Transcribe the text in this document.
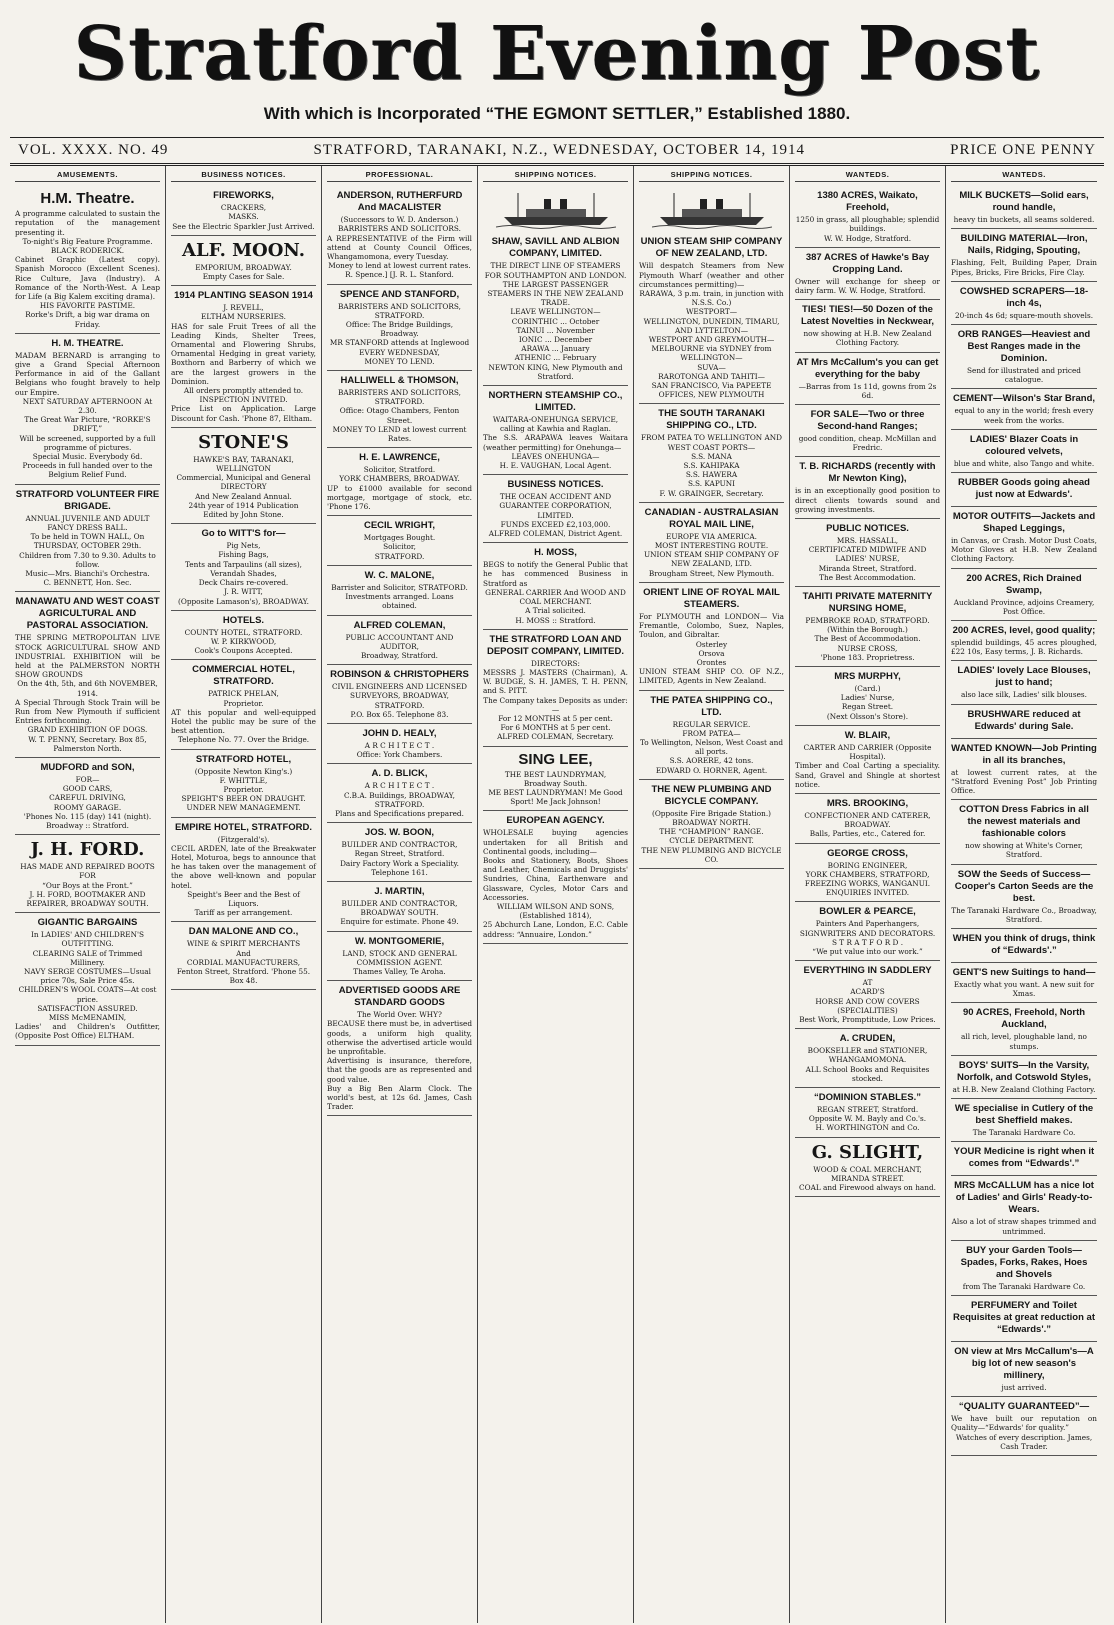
Stratford Evening Post
With which is Incorporated “THE EGMONT SETTLER,” Established 1880.
VOL. XXXX. NO. 49	STRATFORD, TARANAKI, N.Z., WEDNESDAY, OCTOBER 14, 1914	PRICE ONE PENNY
AMUSEMENTS.
H.M. Theatre.
A programme calculated to sustain the reputation of the management presenting it.
To-night's Big Feature Programme.
BLACK RODERICK.
Cabinet Graphic (Latest copy). Spanish Morocco (Excellent Scenes). Rice Culture, Java (Industry). A Romance of the North-West. A Leap for Life (a Big Kalem exciting drama).
HIS FAVORITE PASTIME.
Rorke's Drift, a big war drama on Friday.
H. M. THEATRE.
MADAM BERNARD is arranging to give a Grand Special Afternoon Performance in aid of the Gallant Belgians who fought bravely to help our Empire.
NEXT SATURDAY AFTERNOON At 2.30.
The Great War Picture, “RORKE'S DRIFT,”
Will be screened, supported by a full programme of pictures.
Special Music. Everybody 6d.
Proceeds in full handed over to the Belgium Relief Fund.
STRATFORD VOLUNTEER FIRE BRIGADE.
ANNUAL JUVENILE AND ADULT FANCY DRESS BALL.
To be held in TOWN HALL, On
THURSDAY, OCTOBER 29th.
Children from 7.30 to 9.30. Adults to follow.
Music—Mrs. Bianchi's Orchestra.
C. BENNETT, Hon. Sec.
MANAWATU AND WEST COAST AGRICULTURAL AND PASTORAL ASSOCIATION.
THE SPRING METROPOLITAN LIVE STOCK AGRICULTURAL SHOW AND INDUSTRIAL EXHIBITION will be held at the PALMERSTON NORTH SHOW GROUNDS
On the 4th, 5th, and 6th NOVEMBER, 1914.
A Special Through Stock Train will be Run from New Plymouth if sufficient Entries forthcoming.
GRAND EXHIBITION OF DOGS.
W. T. PENNY, Secretary. Box 85, Palmerston North.
MUDFORD and SON,
FOR—
GOOD CARS,
CAREFUL DRIVING,
ROOMY GARAGE.
'Phones No. 115 (day) 141 (night).
Broadway :: Stratford.
J. H. FORD.
HAS MADE AND REPAIRED BOOTS FOR
“Our Boys at the Front.”
J. H. FORD, BOOTMAKER AND REPAIRER, BROADWAY SOUTH.
GIGANTIC BARGAINS
In LADIES' AND CHILDREN'S OUTFITTING.
CLEARING SALE of Trimmed Millinery.
NAVY SERGE COSTUMES—Usual price 70s, Sale Price 45s.
CHILDREN'S WOOL COATS—At cost price.
SATISFACTION ASSURED.
MISS McMENAMIN,
Ladies' and Children's Outfitter, (Opposite Post Office) ELTHAM.
BUSINESS NOTICES.
FIREWORKS,
CRACKERS,
MASKS.
See the Electric Sparkler Just Arrived.
ALF. MOON.
EMPORIUM, BROADWAY.
Empty Cases for Sale.
1914 PLANTING SEASON 1914
J. REVELL,
ELTHAM NURSERIES.
HAS for sale Fruit Trees of all the Leading Kinds, Shelter Trees, Ornamental and Flowering Shrubs, Ornamental Hedging in great variety, Boxthorn and Barberry of which we are the largest growers in the Dominion.
All orders promptly attended to.
INSPECTION INVITED.
Price List on Application. Large Discount for Cash. 'Phone 87, Eltham.
STONE'S
HAWKE'S BAY, TARANAKI, WELLINGTON
Commercial, Municipal and General
DIRECTORY
And New Zealand Annual.
24th year of 1914 Publication
Edited by John Stone.
Go to WITT'S for—
Pig Nets,
Fishing Bags,
Tents and Tarpaulins (all sizes),
Verandah Shades,
Deck Chairs re-covered.
J. R. WITT,
(Opposite Lamason's), BROADWAY.
HOTELS.
COUNTY HOTEL, STRATFORD.
W. P. KIRKWOOD,
Cook's Coupons Accepted.
COMMERCIAL HOTEL, STRATFORD.
PATRICK PHELAN,
Proprietor.
AT this popular and well-equipped Hotel the public may be sure of the best attention.
Telephone No. 77. Over the Bridge.
STRATFORD HOTEL,
(Opposite Newton King's.)
F. WHITTLE,
Proprietor.
SPEIGHT'S BEER ON DRAUGHT.
UNDER NEW MANAGEMENT.
EMPIRE HOTEL, STRATFORD.
(Fitzgerald's).
CECIL ARDEN, late of the Breakwater Hotel, Moturoa, begs to announce that he has taken over the management of the above well-known and popular hotel.
Speight's Beer and the Best of Liquors.
Tariff as per arrangement.
DAN MALONE AND CO.,
WINE & SPIRIT MERCHANTS
And
CORDIAL MANUFACTURERS,
Fenton Street, Stratford. 'Phone 55. Box 48.
PROFESSIONAL.
ANDERSON, RUTHERFURD And MACALISTER
(Successors to W. D. Anderson.)
BARRISTERS AND SOLICITORS.
A REPRESENTATIVE of the Firm will attend at County Council Offices, Whangamomona, every Tuesday.
Money to lend at lowest current rates.
R. Spence.] [J. R. L. Stanford.
SPENCE AND STANFORD,
BARRISTERS AND SOLICITORS, STRATFORD.
Office: The Bridge Buildings, Broadway.
MR STANFORD attends at Inglewood EVERY WEDNESDAY,
MONEY TO LEND.
HALLIWELL & THOMSON,
BARRISTERS AND SOLICITORS, STRATFORD.
Office: Otago Chambers, Fenton Street.
MONEY TO LEND at lowest current Rates.
H. E. LAWRENCE,
Solicitor, Stratford.
YORK CHAMBERS, BROADWAY.
UP to £1000 available for second mortgage, mortgage of stock, etc. 'Phone 176.
CECIL WRIGHT,
Mortgages Bought.
Solicitor,
STRATFORD.
W. C. MALONE,
Barrister and Solicitor, STRATFORD.
Investments arranged. Loans obtained.
ALFRED COLEMAN,
PUBLIC ACCOUNTANT AND AUDITOR,
Broadway, Stratford.
ROBINSON & CHRISTOPHERS
CIVIL ENGINEERS AND LICENSED SURVEYORS, BROADWAY, STRATFORD.
P.O. Box 65. Telephone 83.
JOHN D. HEALY,
A R C H I T E C T .
Office: York Chambers.
A. D. BLICK,
A R C H I T E C T .
C.B.A. Buildings, BROADWAY, STRATFORD.
Plans and Specifications prepared.
JOS. W. BOON,
BUILDER AND CONTRACTOR,
Regan Street, Stratford.
Dairy Factory Work a Speciality. Telephone 161.
J. MARTIN,
BUILDER AND CONTRACTOR, BROADWAY SOUTH.
Enquire for estimate. Phone 49.
W. MONTGOMERIE,
LAND, STOCK AND GENERAL COMMISSION AGENT.
Thames Valley, Te Aroha.
ADVERTISED GOODS ARE STANDARD GOODS
The World Over. WHY?
BECAUSE there must be, in advertised goods, a uniform high quality, otherwise the advertised article would be unprofitable.
Advertising is insurance, therefore, that the goods are as represented and good value.
Buy a Big Ben Alarm Clock. The world's best, at 12s 6d. James, Cash Trader.
SHIPPING NOTICES.
SHAW, SAVILL AND ALBION COMPANY, LIMITED.
THE DIRECT LINE OF STEAMERS FOR SOUTHAMPTON AND LONDON.
THE LARGEST PASSENGER STEAMERS IN THE NEW ZEALAND TRADE.
LEAVE WELLINGTON—
CORINTHIC ... October
TAINUI ... November
IONIC ... December
ARAWA ... January
ATHENIC ... February
NEWTON KING, New Plymouth and Stratford.
NORTHERN STEAMSHIP CO., LIMITED.
WAITARA-ONEHUNGA SERVICE, calling at Kawhia and Raglan.
The S.S. ARAPAWA leaves Waitara (weather permitting) for Onehunga—
LEAVES ONEHUNGA—
H. E. VAUGHAN, Local Agent.
BUSINESS NOTICES.
THE OCEAN ACCIDENT AND GUARANTEE CORPORATION, LIMITED.
FUNDS EXCEED £2,103,000.
ALFRED COLEMAN, District Agent.
H. MOSS,
BEGS to notify the General Public that he has commenced Business in Stratford as
GENERAL CARRIER And WOOD AND COAL MERCHANT.
A Trial solicited.
H. MOSS :: Stratford.
THE STRATFORD LOAN AND DEPOSIT COMPANY, LIMITED.
DIRECTORS:
MESSRS J. MASTERS (Chairman), A. W. BUDGE, S. H. JAMES, T. H. PENN, and S. PITT.
The Company takes Deposits as under:—
For 12 MONTHS at 5 per cent.
For 6 MONTHS at 5 per cent.
ALFRED COLEMAN, Secretary.
SING LEE,
THE BEST LAUNDRYMAN,
Broadway South.
ME BEST LAUNDRYMAN! Me Good Sport! Me Jack Johnson!
EUROPEAN AGENCY.
WHOLESALE buying agencies undertaken for all British and Continental goods, including—
Books and Stationery, Boots, Shoes and Leather, Chemicals and Druggists' Sundries, China, Earthenware and Glassware, Cycles, Motor Cars and Accessories.
WILLIAM WILSON AND SONS, (Established 1814),
25 Abchurch Lane, London, E.C. Cable address: “Annuaire, London.”
SHIPPING NOTICES.
UNION STEAM SHIP COMPANY OF NEW ZEALAND, LTD.
Will despatch Steamers from New Plymouth Wharf (weather and other circumstances permitting)—
RARAWA, 3 p.m. train, in junction with N.S.S. Co.)
WESTPORT—
WELLINGTON, DUNEDIN, TIMARU, AND LYTTELTON—
WESTPORT AND GREYMOUTH—
MELBOURNE via SYDNEY from WELLINGTON—
SUVA—
RAROTONGA AND TAHITI—
SAN FRANCISCO, Via PAPEETE
OFFICES, NEW PLYMOUTH
THE SOUTH TARANAKI SHIPPING CO., LTD.
FROM PATEA TO WELLINGTON AND WEST COAST PORTS—
S.S. MANA
S.S. KAHIPAKA
S.S. HAWERA
S.S. KAPUNI
F. W. GRAINGER, Secretary.
CANADIAN - AUSTRALASIAN ROYAL MAIL LINE,
EUROPE VIA AMERICA.
MOST INTERESTING ROUTE.
UNION STEAM SHIP COMPANY OF NEW ZEALAND, LTD.
Brougham Street, New Plymouth.
ORIENT LINE OF ROYAL MAIL STEAMERS.
For PLYMOUTH and LONDON— Via Fremantle, Colombo, Suez, Naples, Toulon, and Gibraltar.
Osterley
Orsova
Orontes
UNION STEAM SHIP CO. OF N.Z., LIMITED, Agents in New Zealand.
THE PATEA SHIPPING CO., LTD.
REGULAR SERVICE.
FROM PATEA—
To Wellington, Nelson, West Coast and all ports.
S.S. AORERE, 42 tons.
EDWARD O. HORNER, Agent.
THE NEW PLUMBING AND BICYCLE COMPANY.
(Opposite Fire Brigade Station.)
BROADWAY NORTH.
THE “CHAMPION” RANGE.
CYCLE DEPARTMENT.
THE NEW PLUMBING AND BICYCLE CO.
WANTEDS.
1380 ACRES, Waikato, Freehold,
1250 in grass, all ploughable; splendid buildings.
W. W. Hodge, Stratford.
387 ACRES of Hawke's Bay Cropping Land.
Owner will exchange for sheep or dairy farm. W. W. Hodge, Stratford.
TIES! TIES!—50 Dozen of the Latest Novelties in Neckwear,
now showing at H.B. New Zealand Clothing Factory.
AT Mrs McCallum's you can get everything for the baby
—Barras from 1s 11d, gowns from 2s 6d.
FOR SALE—Two or three Second-hand Ranges;
good condition, cheap. McMillan and Fredric.
T. B. RICHARDS (recently with Mr Newton King),
is in an exceptionally good position to direct clients towards sound and growing investments.
PUBLIC NOTICES.
MRS. HASSALL,
CERTIFICATED MIDWIFE AND LADIES' NURSE,
Miranda Street, Stratford.
The Best Accommodation.
TAHITI PRIVATE MATERNITY NURSING HOME,
PEMBROKE ROAD, STRATFORD.
(Within the Borough.)
The Best of Accommodation.
NURSE CROSS,
'Phone 183. Proprietress.
MRS MURPHY,
(Card.)
Ladies' Nurse,
Regan Street.
(Next Olsson's Store).
W. BLAIR,
CARTER AND CARRIER (Opposite Hospital).
Timber and Coal Carting a speciality. Sand, Gravel and Shingle at shortest notice.
MRS. BROOKING,
CONFECTIONER AND CATERER, BROADWAY.
Balls, Parties, etc., Catered for.
GEORGE CROSS,
BORING ENGINEER,
YORK CHAMBERS, STRATFORD,
FREEZING WORKS, WANGANUI.
ENQUIRIES INVITED.
BOWLER & PEARCE,
Painters And Paperhangers,
SIGNWRITERS AND DECORATORS.
S T R A T F O R D .
“We put value into our work.”
EVERYTHING IN SADDLERY
AT
ACARD'S
HORSE AND COW COVERS (SPECIALITIES)
Best Work, Promptitude, Low Prices.
A. CRUDEN,
BOOKSELLER and STATIONER, WHANGAMOMONA.
ALL School Books and Requisites stocked.
“DOMINION STABLES.”
REGAN STREET, Stratford.
Opposite W. M. Bayly and Co.'s.
H. WORTHINGTON and Co.
G. SLIGHT,
WOOD & COAL MERCHANT,
MIRANDA STREET.
COAL and Firewood always on hand.
WANTEDS.
MILK BUCKETS—Solid ears, round handle,
heavy tin buckets, all seams soldered.
BUILDING MATERIAL—Iron, Nails, Ridging, Spouting,
Flashing, Felt, Building Paper, Drain Pipes, Bricks, Fire Bricks, Fire Clay.
COWSHED SCRAPERS—18-inch 4s,
20-inch 4s 6d; square-mouth shovels.
ORB RANGES—Heaviest and Best Ranges made in the Dominion.
Send for illustrated and priced catalogue.
CEMENT—Wilson's Star Brand,
equal to any in the world; fresh every week from the works.
LADIES' Blazer Coats in coloured velvets,
blue and white, also Tango and white.
RUBBER Goods going ahead just now at Edwards'.
MOTOR OUTFITS—Jackets and Shaped Leggings,
in Canvas, or Crash. Motor Dust Coats, Motor Gloves at H.B. New Zealand Clothing Factory.
200 ACRES, Rich Drained Swamp,
Auckland Province, adjoins Creamery, Post Office.
200 ACRES, level, good quality;
splendid buildings, 45 acres ploughed, £22 10s, Easy terms, J. B. Richards.
LADIES' lovely Lace Blouses, just to hand;
also lace silk, Ladies' silk blouses.
BRUSHWARE reduced at Edwards' during Sale.
WANTED KNOWN—Job Printing in all its branches,
at lowest current rates, at the “Stratford Evening Post” Job Printing Office.
COTTON Dress Fabrics in all the newest materials and fashionable colors
now showing at White's Corner, Stratford.
SOW the Seeds of Success—Cooper's Carton Seeds are the best.
The Taranaki Hardware Co., Broadway, Stratford.
WHEN you think of drugs, think of “Edwards'.”
GENT'S new Suitings to hand—
Exactly what you want. A new suit for Xmas.
90 ACRES, Freehold, North Auckland,
all rich, level, ploughable land, no stumps.
BOYS' SUITS—In the Varsity, Norfolk, and Cotswold Styles,
at H.B. New Zealand Clothing Factory.
WE specialise in Cutlery of the best Sheffield makes.
The Taranaki Hardware Co.
YOUR Medicine is right when it comes from “Edwards'.”
MRS McCALLUM has a nice lot of Ladies' and Girls' Ready-to-Wears.
Also a lot of straw shapes trimmed and untrimmed.
BUY your Garden Tools—Spades, Forks, Rakes, Hoes and Shovels
from The Taranaki Hardware Co.
PERFUMERY and Toilet Requisites at great reduction at “Edwards'.”
ON view at Mrs McCallum's—A big lot of new season's millinery,
just arrived.
“QUALITY GUARANTEED”—
We have built our reputation on Quality—“Edwards' for quality.”
Watches of every description. James, Cash Trader.
